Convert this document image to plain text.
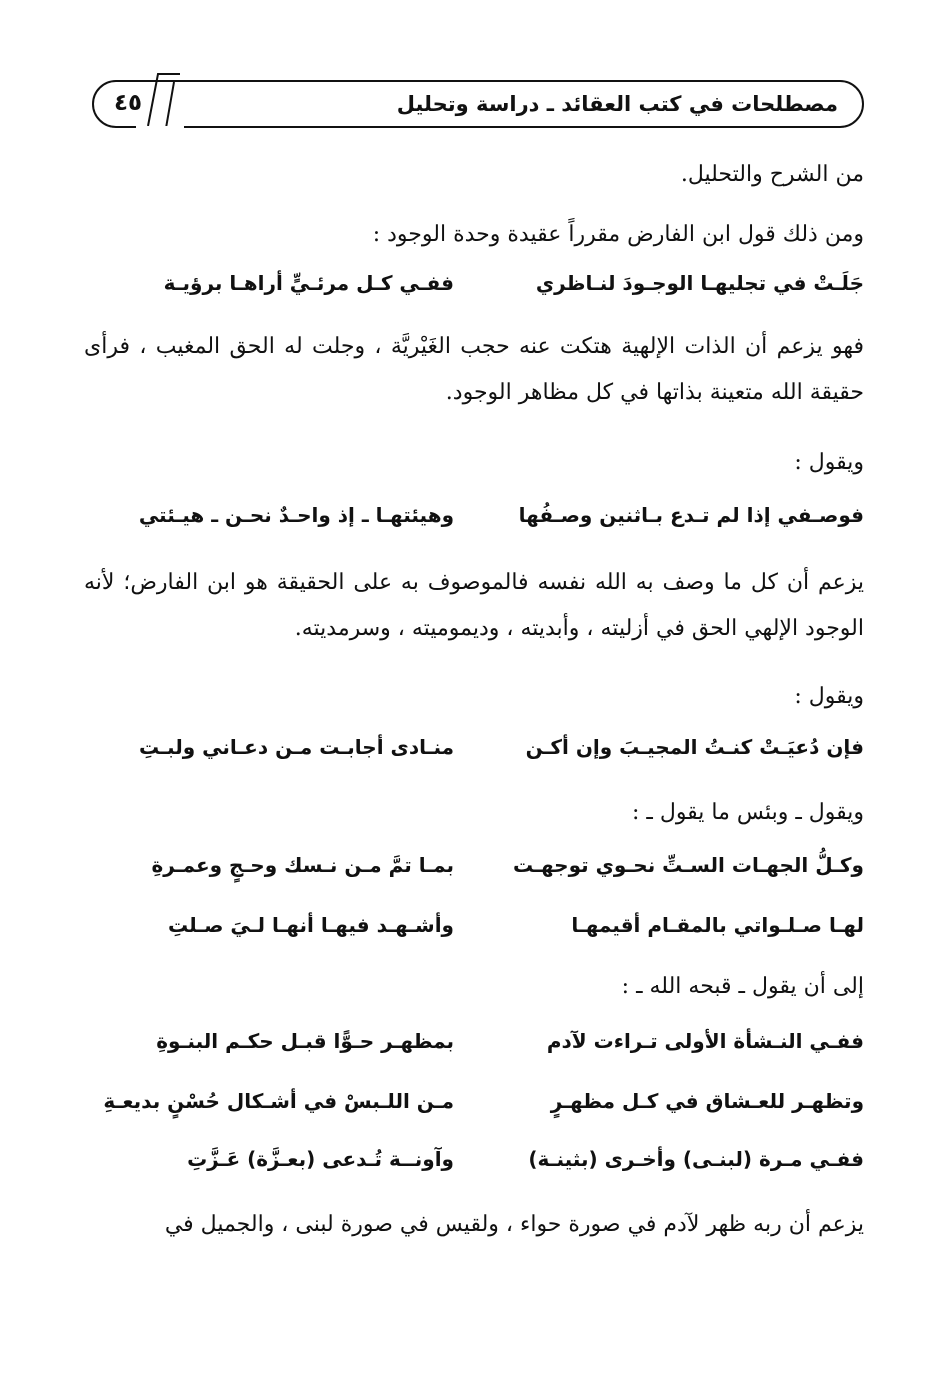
مصطلحات في كتب العقائد ـ دراسة وتحليل
٤٥
من الشرح والتحليل.
ومن ذلك قول ابن الفارض مقرراً عقيدة وحدة الوجود :
جَلَـتْ في تجليهـا الوجـودَ لنـاظري
ففـي كـل مرئـيٍّ أراهـا برؤيـة
فهو يزعم أن الذات الإلهية هتكت عنه حجب الغَيْريَّة ، وجلت له الحق المغيب ، فرأى حقيقة الله متعينة بذاتها في كل مظاهر الوجود.
ويقول :
فوصـفي إذا لم تـدع بـاثنين وصـفُها
وهيئتهـا ـ إذ واحـدٌ نحـن ـ هيـئتي
يزعم أن كل ما وصف به الله نفسه فالموصوف به على الحقيقة هو ابن الفارض؛ لأنه الوجود الإلهي الحق في أزليته ، وأبديته ، وديموميته ، وسرمديته.
ويقول :
فإن دُعيَـتْ كنـتُ المجيـبَ وإن أكـن
منـادى أجابـت مـن دعـاني ولبـتِ
ويقول ـ وبئس ما يقول ـ :
وكـلُّ الجهـات السـتِّ نحـوي توجهـت
بمـا تمَّ مـن نـسك وحـجٍ وعمـرةِ
لهـا صـلـواتي بالمقـام أقيمهـا
وأشـهـد فيهـا أنهـا لـيَ صـلتِ
إلى أن يقول ـ قبحه الله ـ :
ففـي النـشأة الأولى تـراءت لآدم
بمظهـر حـوًّا قبـل حكـم البنـوةِ
وتظهـر للعـشاق في كـل مظهـرٍ
مـن اللـبسْ في أشـكال حُسْنٍ بديعـةِ
ففـي مـرة (لبنـى) وأخـرى (بثينـة)
وآونــة تُـدعى (بعـزَّة) عَـزَّتِ
يزعم أن ربه ظهر لآدم في صورة حواء ، ولقيس في صورة لبنى ، والجميل في
